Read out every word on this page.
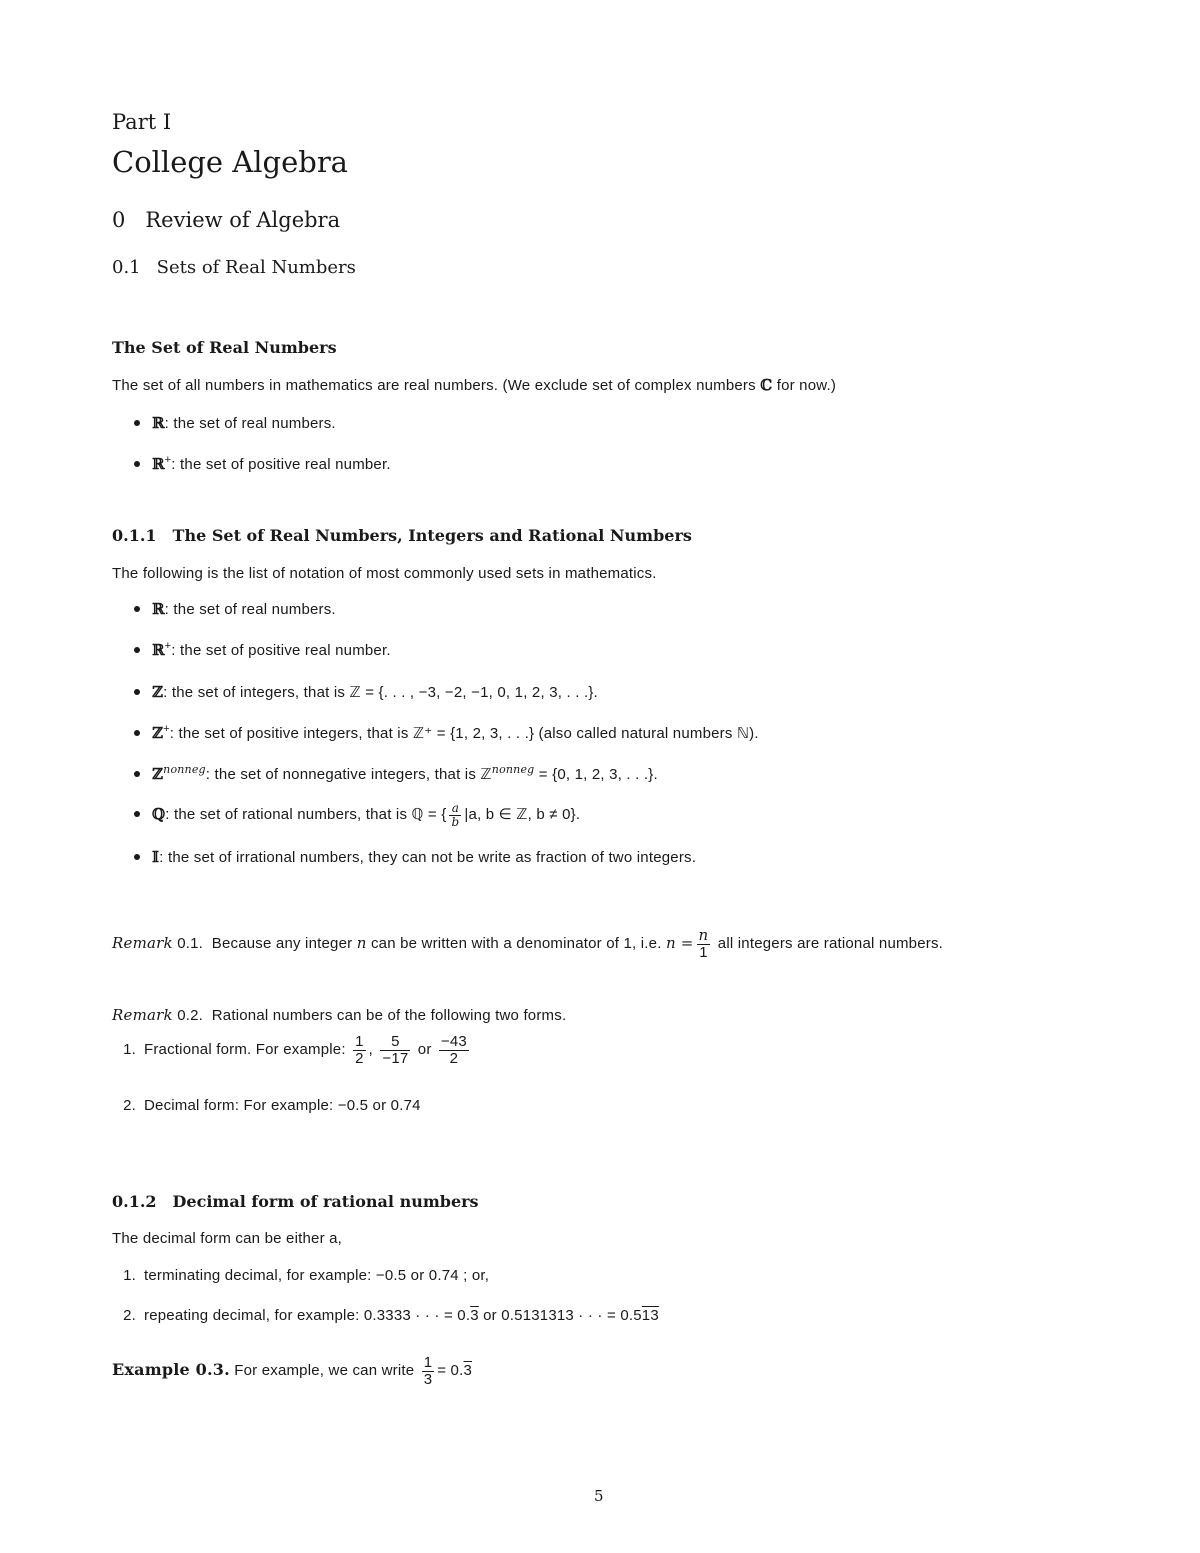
Part I
College Algebra
0 Review of Algebra
0.1 Sets of Real Numbers
The Set of Real Numbers
The set of all numbers in mathematics are real numbers. (We exclude set of complex numbers ℂ for now.)
ℝ: the set of real numbers.
ℝ+: the set of positive real number.
0.1.1 The Set of Real Numbers, Integers and Rational Numbers
The following is the list of notation of most commonly used sets in mathematics.
ℝ: the set of real numbers.
ℝ+: the set of positive real number.
ℤ: the set of integers, that is ℤ = {. . . , −3, −2, −1, 0, 1, 2, 3, . . .}.
ℤ+: the set of positive integers, that is ℤ⁺ = {1, 2, 3, . . .} (also called natural numbers ℕ).
ℤ$^{nonneg}$: the set of nonnegative integers, that is ℤ$^{nonneg}$ = {0, 1, 2, 3, . . .}.
ℚ: the set of rational numbers, that is ℚ = { $\frac{a}{b} |a$, b ∈ ℤ, b ≠ 0}.
𝕀: the set of irrational numbers, they can not be write as fraction of two integers.
Remark 0.1. Because any integer n can be written with a denominator of 1, i.e. $n = \frac{n}{1}$ all integers are rational numbers.
Remark 0.2. Rational numbers can be of the following two forms.
1. Fractional form. For example: $\frac{1}{2}$ , $\frac{5}{-17}$ or $\frac{-43}{2}$
2. Decimal form: For example: −0.5 or 0.74
0.1.2 Decimal form of rational numbers
The decimal form can be either a,
1. terminating decimal, for example: −0.5 or 0.74 ; or,
2. repeating decimal, for example: 0.3333 · · · = 0.3 or 0.5131313 · · · = 0.513
Example 0.3. For example, we can write $\frac{1}{3} = 0.3$
5
